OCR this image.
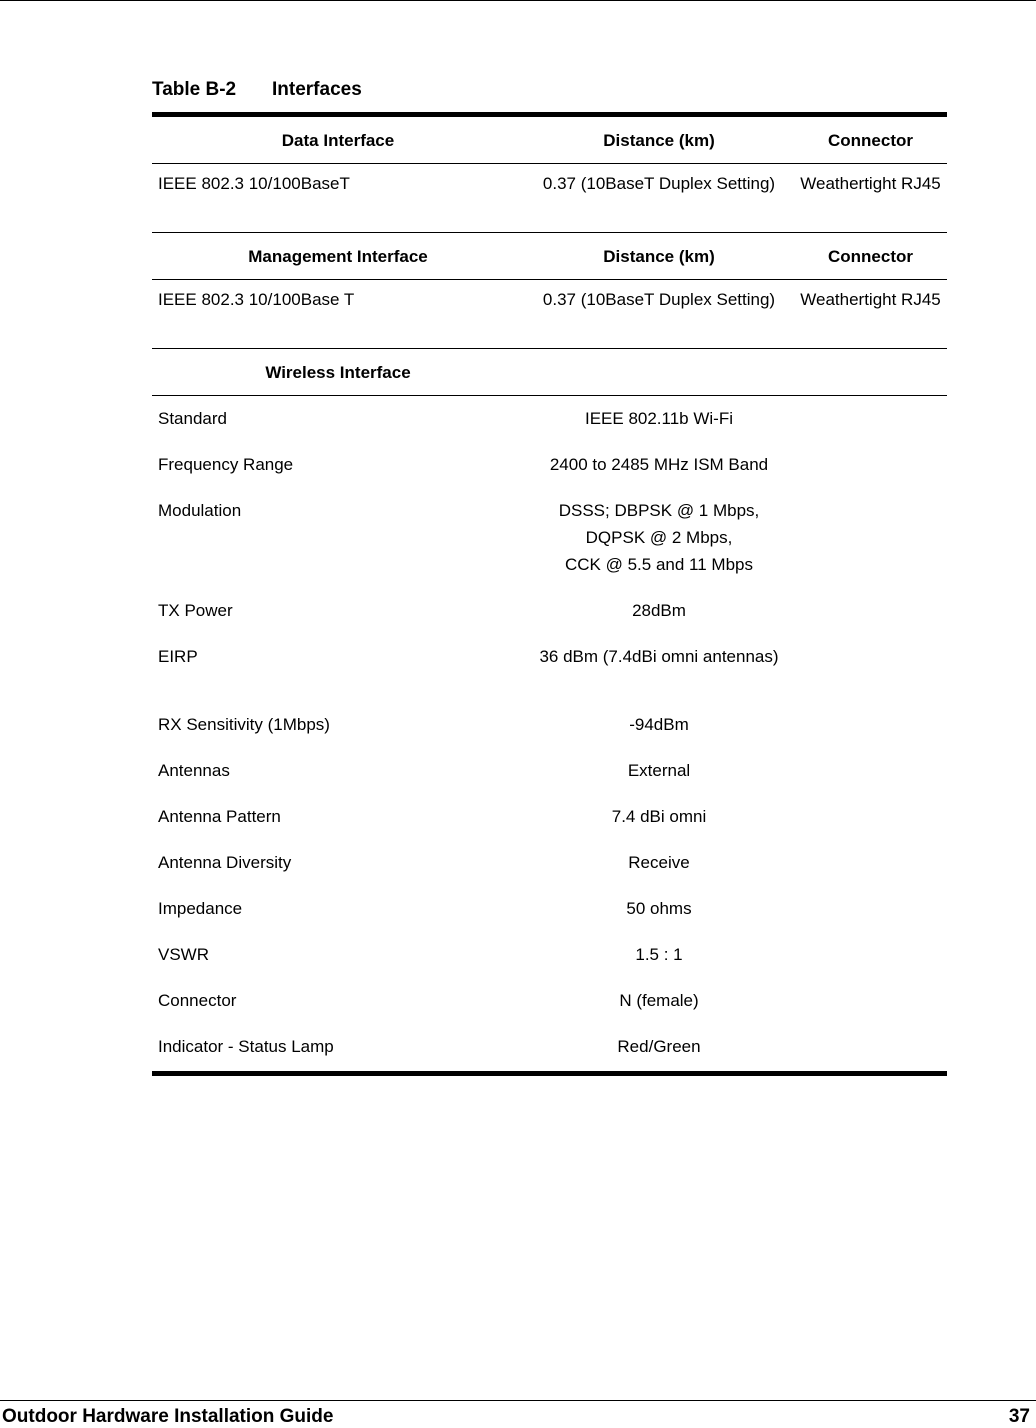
Table B-2 Interfaces
Data Interface	Distance (km)	Connector
IEEE 802.3 10/100BaseT	0.37 (10BaseT Duplex Setting)	Weathertight RJ45
Management Interface	Distance (km)	Connector
IEEE 802.3 10/100Base T	0.37 (10BaseT Duplex Setting)	Weathertight RJ45
Wireless Interface		
Standard	IEEE 802.11b Wi-Fi	
Frequency Range	2400 to 2485 MHz ISM Band	
Modulation	DSSS; DBPSK @ 1 Mbps,
DQPSK @ 2 Mbps,
CCK @ 5.5 and 11 Mbps	

TX Power	28dBm	
EIRP	36 dBm (7.4dBi omni antennas)	
RX Sensitivity (1Mbps)	-94dBm	
Antennas	External	
Antenna Pattern	7.4 dBi omni	
Antenna Diversity	Receive	
Impedance	50 ohms	
VSWR	1.5 : 1	
Connector	N (female)	
Indicator - Status Lamp	Red/Green	
Outdoor Hardware Installation Guide	37
